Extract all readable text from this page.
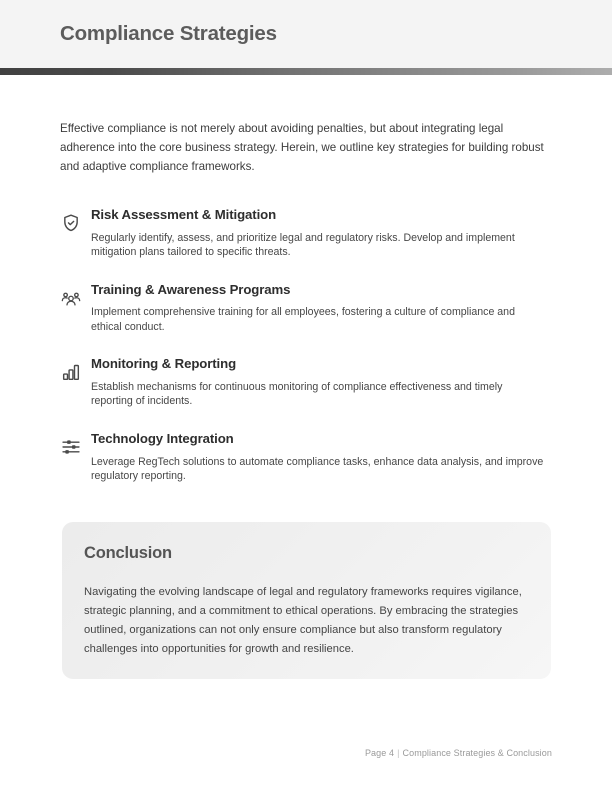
Compliance Strategies

Effective compliance is not merely about avoiding penalties, but about integrating legal adherence into the core business strategy. Herein, we outline key strategies for building robust and adaptive compliance frameworks.

Risk Assessment & Mitigation

Regularly identify, assess, and prioritize legal and regulatory risks. Develop and implement mitigation plans tailored to specific threats.

Training & Awareness Programs

Implement comprehensive training for all employees, fostering a culture of compliance and ethical conduct.

Monitoring & Reporting

Establish mechanisms for continuous monitoring of compliance effectiveness and timely reporting of incidents.

Technology Integration

Leverage RegTech solutions to automate compliance tasks, enhance data analysis, and improve regulatory reporting.

Conclusion

Navigating the evolving landscape of legal and regulatory frameworks requires vigilance, strategic planning, and a commitment to ethical operations. By embracing the strategies outlined, organizations can not only ensure compliance but also transform regulatory challenges into opportunities for growth and resilience.

Page 4 | Compliance Strategies & Conclusion
